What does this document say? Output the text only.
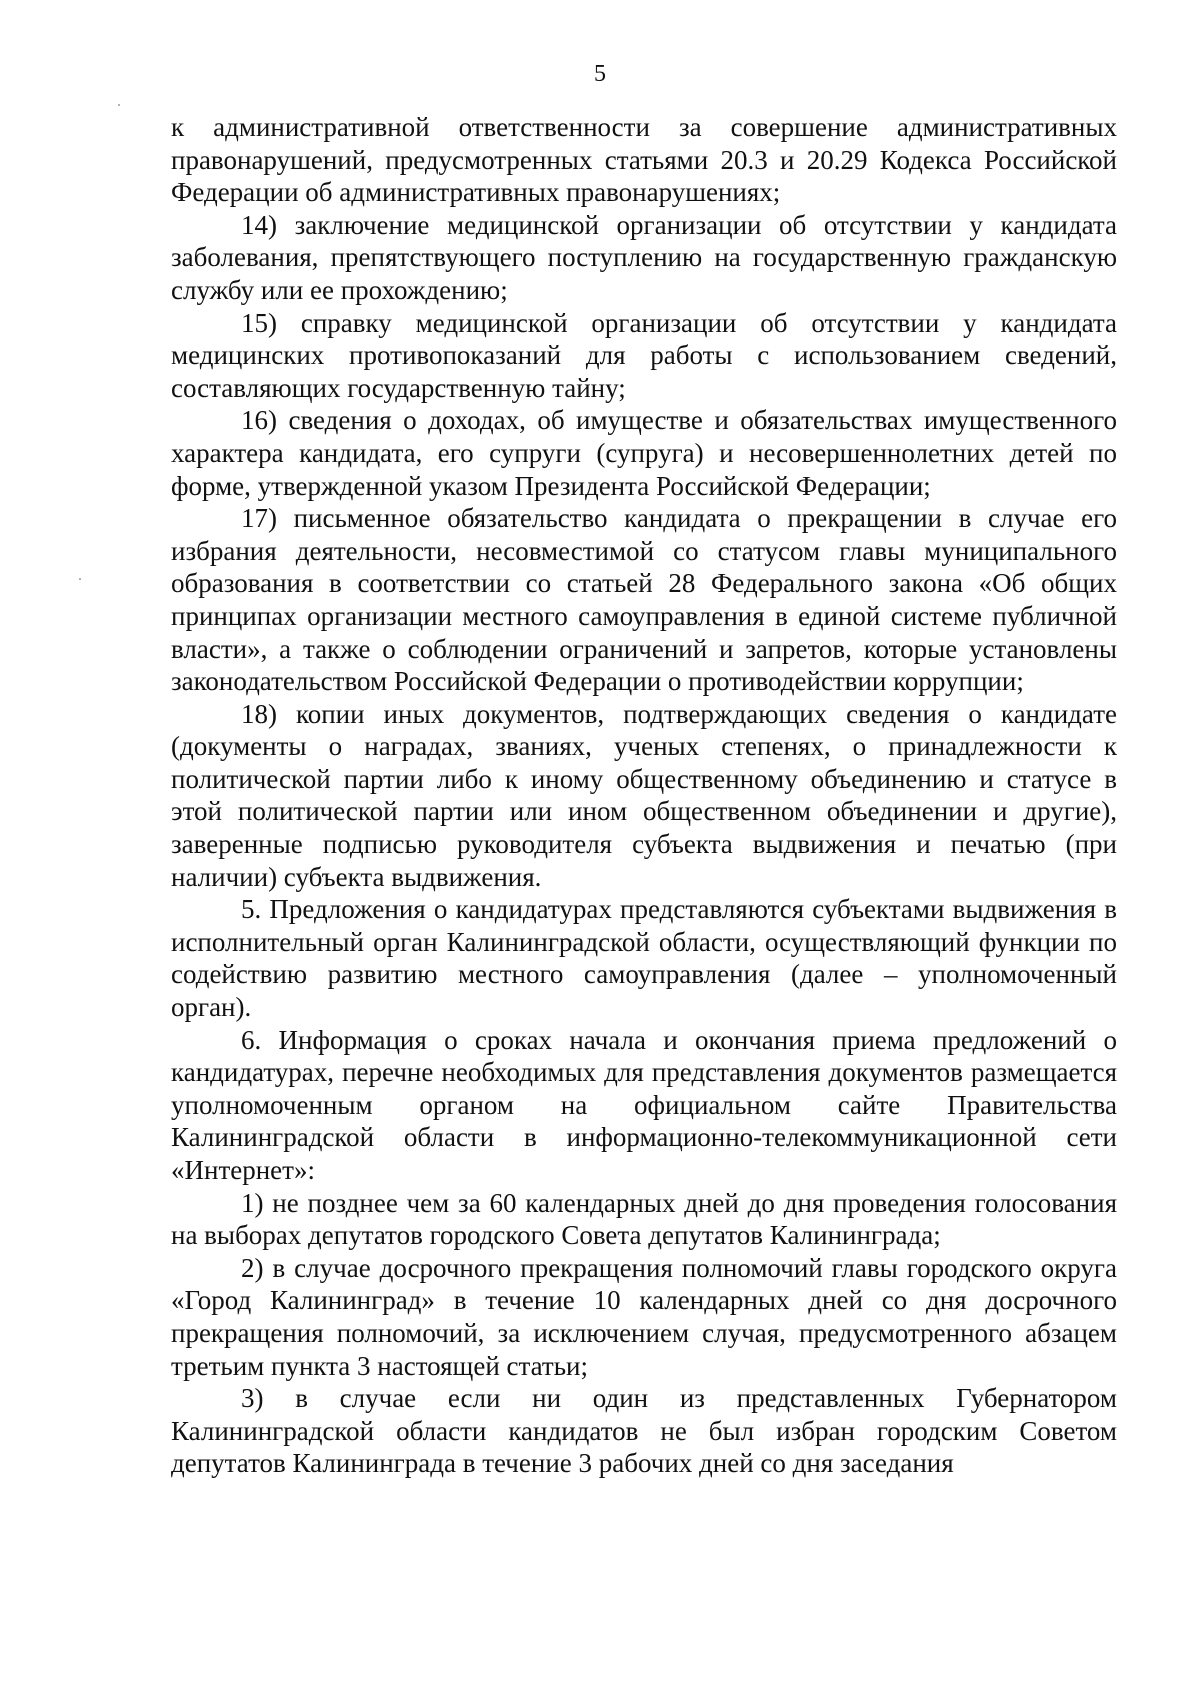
5

к административной ответственности за совершение административных правонарушений, предусмотренных статьями 20.3 и 20.29 Кодекса Российской Федерации об административных правонарушениях;

14) заключение медицинской организации об отсутствии у кандидата заболевания, препятствующего поступлению на государственную гражданскую службу или ее прохождению;

15) справку медицинской организации об отсутствии у кандидата медицинских противопоказаний для работы с использованием сведений, составляющих государственную тайну;

16) сведения о доходах, об имуществе и обязательствах имущественного характера кандидата, его супруги (супруга) и несовершеннолетних детей по форме, утвержденной указом Президента Российской Федерации;

17) письменное обязательство кандидата о прекращении в случае его избрания деятельности, несовместимой со статусом главы муниципального образования в соответствии со статьей 28 Федерального закона «Об общих принципах организации местного самоуправления в единой системе публичной власти», а также о соблюдении ограничений и запретов, которые установлены законодательством Российской Федерации о противодействии коррупции;

18) копии иных документов, подтверждающих сведения о кандидате (документы о наградах, званиях, ученых степенях, о принадлежности к политической партии либо к иному общественному объединению и статусе в этой политической партии или ином общественном объединении и другие), заверенные подписью руководителя субъекта выдвижения и печатью (при наличии) субъекта выдвижения.

5. Предложения о кандидатурах представляются субъектами выдвижения в исполнительный орган Калининградской области, осуществляющий функции по содействию развитию местного самоуправления (далее – уполномоченный орган).

6. Информация о сроках начала и окончания приема предложений о кандидатурах, перечне необходимых для представления документов размещается уполномоченным органом на официальном сайте Правительства Калининградской области в информационно-телекоммуникационной сети «Интернет»:

1) не позднее чем за 60 календарных дней до дня проведения голосования на выборах депутатов городского Совета депутатов Калининграда;

2) в случае досрочного прекращения полномочий главы городского округа «Город Калининград» в течение 10 календарных дней со дня досрочного прекращения полномочий, за исключением случая, предусмотренного абзацем третьим пункта 3 настоящей статьи;

3) в случае если ни один из представленных Губернатором Калининградской области кандидатов не был избран городским Советом депутатов Калининграда в течение 3 рабочих дней со дня заседания
